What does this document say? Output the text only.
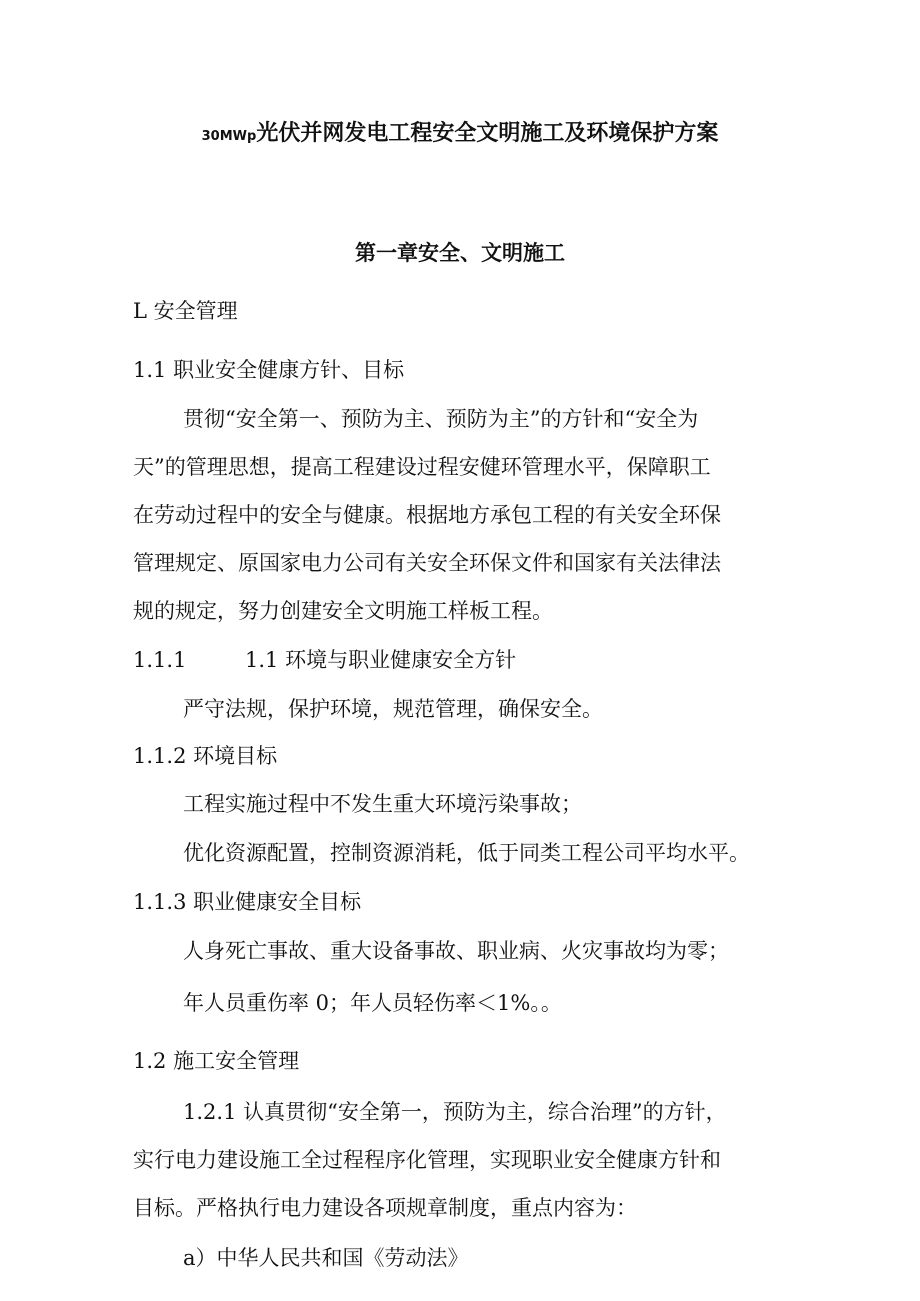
30MWp光伏并网发电工程安全文明施工及环境保护方案
第一章安全、文明施工
L 安全管理
1.1 职业安全健康方针、目标
贯彻“安全第一、预防为主、预防为主”的方针和“安全为
天”的管理思想，提高工程建设过程安健环管理水平，保障职工
在劳动过程中的安全与健康。根据地方承包工程的有关安全环保
管理规定、原国家电力公司有关安全环保文件和国家有关法律法
规的规定，努力创建安全文明施工样板工程。
1.1.1	1.1 环境与职业健康安全方针
严守法规，保护环境，规范管理，确保安全。
1.1.2 环境目标
工程实施过程中不发生重大环境污染事故；
优化资源配置，控制资源消耗，低于同类工程公司平均水平。
1.1.3 职业健康安全目标
人身死亡事故、重大设备事故、职业病、火灾事故均为零；
年人员重伤率 0；年人员轻伤率＜1%。。
1.2 施工安全管理
1.2.1 认真贯彻“安全第一，预防为主，综合治理”的方针，
实行电力建设施工全过程程序化管理，实现职业安全健康方针和
目标。严格执行电力建设各项规章制度，重点内容为：
a）中华人民共和国《劳动法》
